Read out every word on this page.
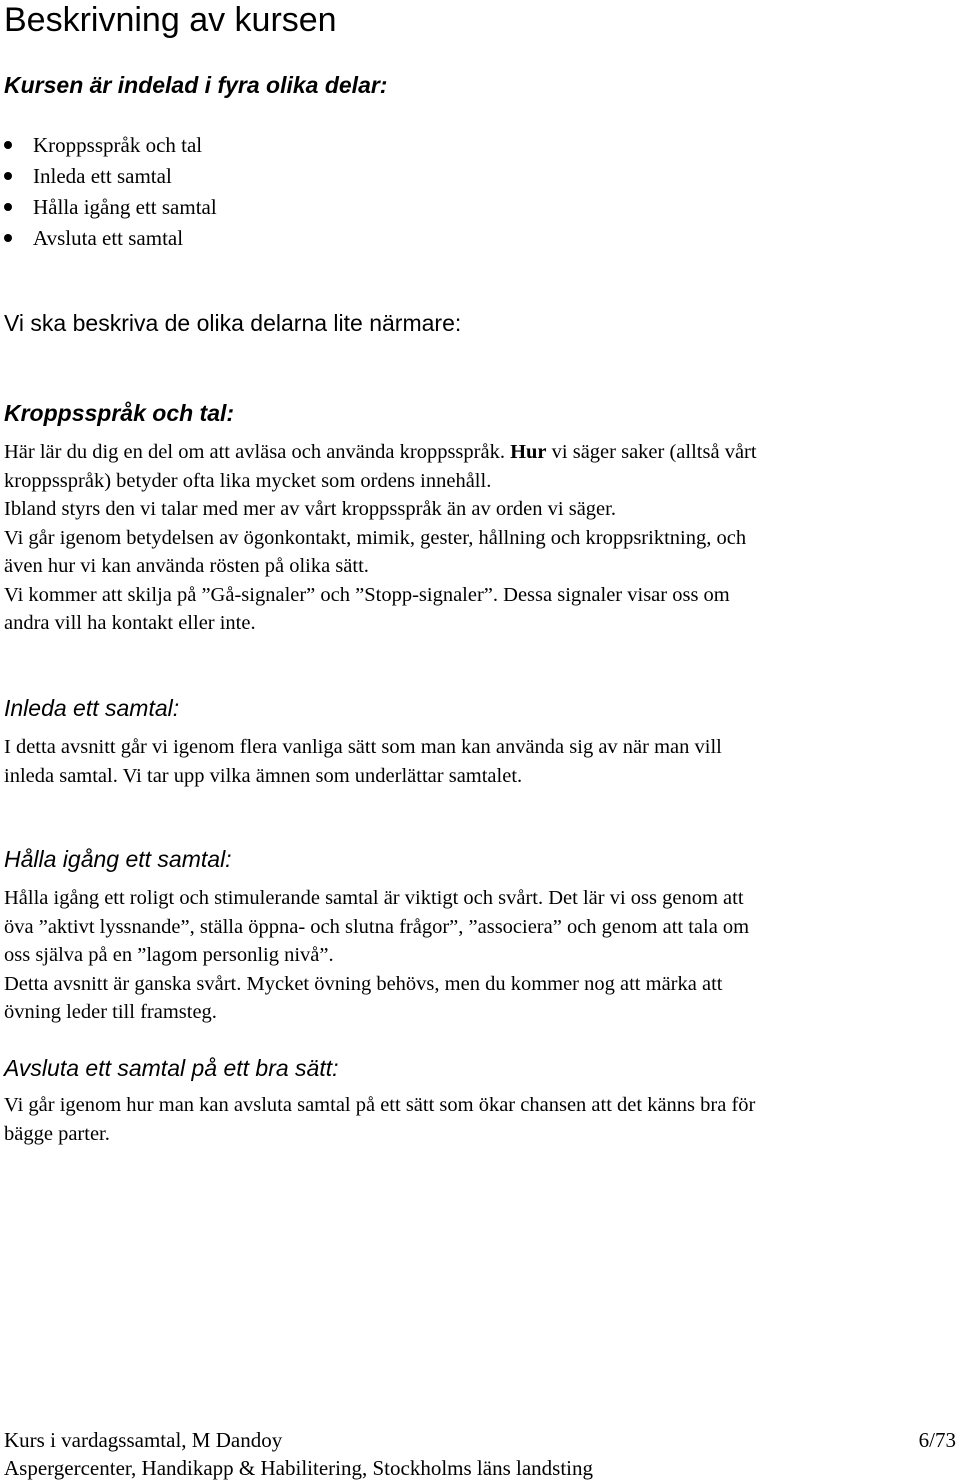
Beskrivning av kursen
Kursen är indelad i fyra olika delar:
Kroppsspråk och tal
Inleda ett samtal
Hålla igång ett samtal
Avsluta ett samtal

Vi ska beskriva de olika delarna lite närmare:

Kroppsspråk och tal:
Här lär du dig en del om att avläsa och använda kroppsspråk. Hur vi säger saker (alltså vårt
kroppsspråk) betyder ofta lika mycket som ordens innehåll.
Ibland styrs den vi talar med mer av vårt kroppsspråk än av orden vi säger.
Vi går igenom betydelsen av ögonkontakt, mimik, gester, hållning och kroppsriktning, och
även hur vi kan använda rösten på olika sätt.
Vi kommer att skilja på ”Gå-signaler” och ”Stopp-signaler”. Dessa signaler visar oss om
andra vill ha kontakt eller inte.
Inleda ett samtal:
I detta avsnitt går vi igenom flera vanliga sätt som man kan använda sig av när man vill
inleda samtal. Vi tar upp vilka ämnen som underlättar samtalet.
Hålla igång ett samtal:
Hålla igång ett roligt och stimulerande samtal är viktigt och svårt. Det lär vi oss genom att
öva ”aktivt lyssnande”, ställa öppna- och slutna frågor”, ”associera” och genom att tala om
oss själva på en ”lagom personlig nivå”.
Detta avsnitt är ganska svårt. Mycket övning behövs, men du kommer nog att märka att
övning leder till framsteg.
Avsluta ett samtal på ett bra sätt:
Vi går igenom hur man kan avsluta samtal på ett sätt som ökar chansen att det känns bra för
bägge parter.
Kurs i vardagssamtal, M Dandoy	6/73
Aspergercenter, Handikapp & Habilitering, Stockholms läns landsting
